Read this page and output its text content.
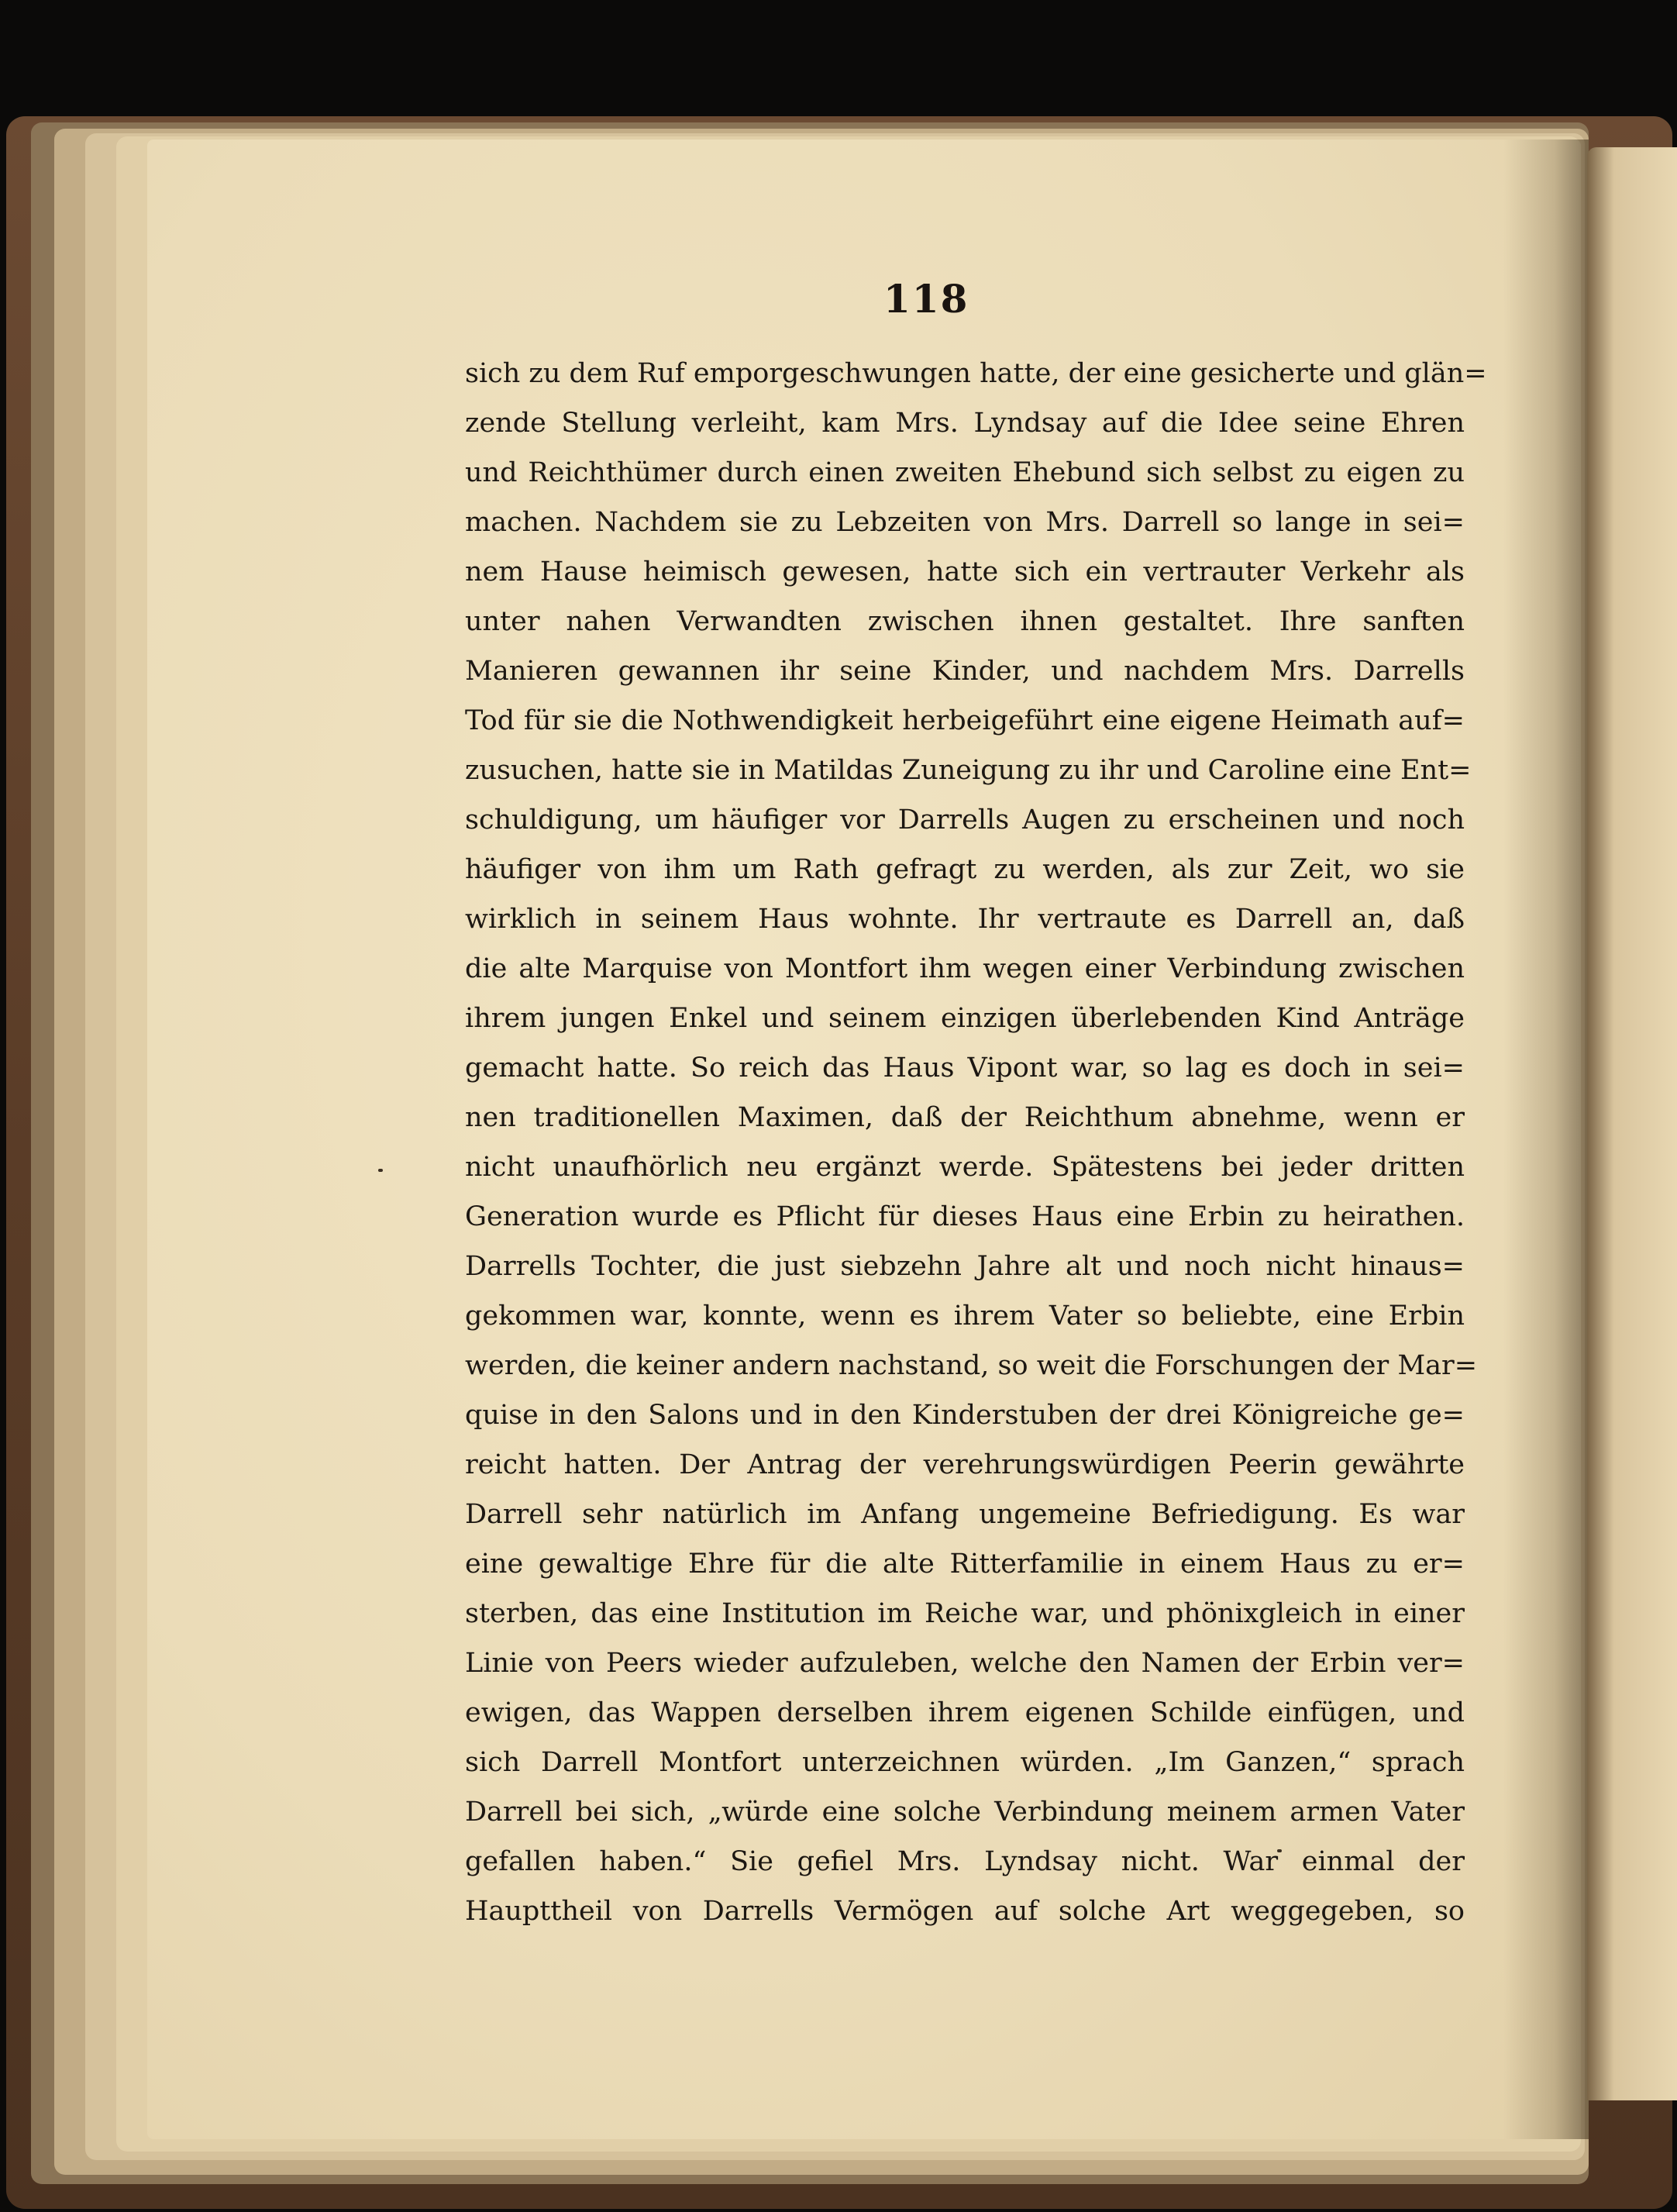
118
sich zu dem Ruf emporgeschwungen hatte, der eine gesicherte und glän=
zende Stellung verleiht, kam Mrs. Lyndsay auf die Idee seine Ehren
und Reichthümer durch einen zweiten Ehebund sich selbst zu eigen zu
machen. Nachdem sie zu Lebzeiten von Mrs. Darrell so lange in sei=
nem Hause heimisch gewesen, hatte sich ein vertrauter Verkehr als
unter nahen Verwandten zwischen ihnen gestaltet. Ihre sanften
Manieren gewannen ihr seine Kinder, und nachdem Mrs. Darrells
Tod für sie die Nothwendigkeit herbeigeführt eine eigene Heimath auf=
zusuchen, hatte sie in Matildas Zuneigung zu ihr und Caroline eine Ent=
schuldigung, um häufiger vor Darrells Augen zu erscheinen und noch
häufiger von ihm um Rath gefragt zu werden, als zur Zeit, wo sie
wirklich in seinem Haus wohnte. Ihr vertraute es Darrell an, daß
die alte Marquise von Montfort ihm wegen einer Verbindung zwischen
ihrem jungen Enkel und seinem einzigen überlebenden Kind Anträge
gemacht hatte. So reich das Haus Vipont war, so lag es doch in sei=
nen traditionellen Maximen, daß der Reichthum abnehme, wenn er
nicht unaufhörlich neu ergänzt werde. Spätestens bei jeder dritten
Generation wurde es Pflicht für dieses Haus eine Erbin zu heirathen.
Darrells Tochter, die just siebzehn Jahre alt und noch nicht hinaus=
gekommen war, konnte, wenn es ihrem Vater so beliebte, eine Erbin
werden, die keiner andern nachstand, so weit die Forschungen der Mar=
quise in den Salons und in den Kinderstuben der drei Königreiche ge=
reicht hatten. Der Antrag der verehrungswürdigen Peerin gewährte
Darrell sehr natürlich im Anfang ungemeine Befriedigung. Es war
eine gewaltige Ehre für die alte Ritterfamilie in einem Haus zu er=
sterben, das eine Institution im Reiche war, und phönixgleich in einer
Linie von Peers wieder aufzuleben, welche den Namen der Erbin ver=
ewigen, das Wappen derselben ihrem eigenen Schilde einfügen, und
sich Darrell Montfort unterzeichnen würden. „Im Ganzen,“ sprach
Darrell bei sich, „würde eine solche Verbindung meinem armen Vater
gefallen haben.“ Sie gefiel Mrs. Lyndsay nicht. War einmal der
Haupttheil von Darrells Vermögen auf solche Art weggegeben, so
